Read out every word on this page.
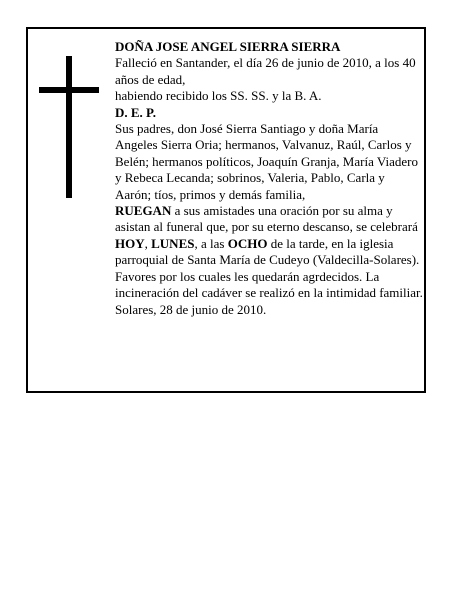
DOÑA JOSE ANGEL SIERRA SIERRA

Falleció en Santander, el día 26 de junio de 2010, a los 40 años de edad,

habiendo recibido los SS. SS. y la B. A.

D. E. P.

Sus padres, don José Sierra Santiago y doña María Angeles Sierra Oria; hermanos, Valvanuz, Raúl, Carlos y Belén; hermanos políticos, Joaquín Granja, María Viadero y Rebeca Lecanda; sobrinos, Valeria, Pablo, Carla y Aarón; tíos, primos y demás familia,

RUEGAN a sus amistades una oración por su alma y asistan al funeral que, por su eterno descanso, se celebrará HOY, LUNES, a las OCHO de la tarde, en la iglesia parroquial de Santa María de Cudeyo (Valdecilla-Solares). Favores por los cuales les quedarán agrdecidos. La incineración del cadáver se realizó en la intimidad familiar.

Solares, 28 de junio de 2010.
